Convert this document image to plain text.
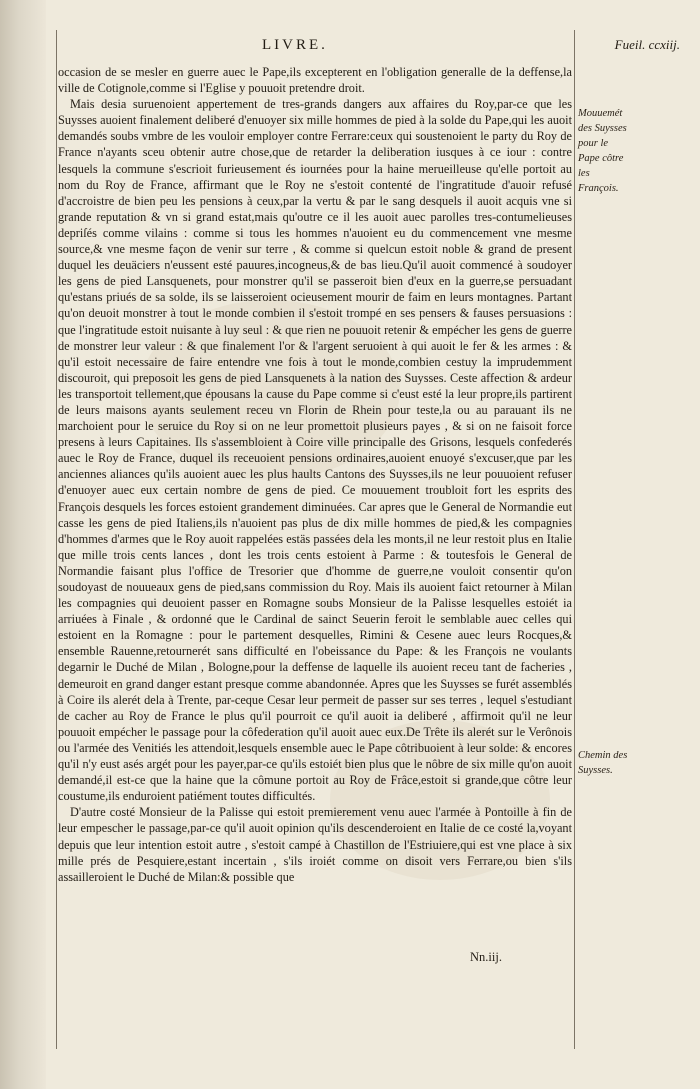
LIVRE.	Fueil. ccxiij.

occasion de se mesler en guerre auec le Pape,ils excepterent en l'obligation generalle de la deffense,la ville de Cotignole,comme si l'Eglise y pouuoit pretendre droit.

Mais desia suruenoient appertement de tres-grands dangers aux affaires du Roy,par-ce que les Suysses auoient finalement deliberé d'enuoyer six mille hommes de pied à la solde du Pape,qui les auoit demandés soubs vmbre de les vouloir employer contre Ferrare:ceux qui soustenoient le party du Roy de France n'ayants sceu obtenir autre chose,que de retarder la deliberation iusques à ce iour : contre lesquels la commune s'escrioit furieusement és iournées pour la haine merueilleuse qu'elle portoit au nom du Roy de France, affirmant que le Roy ne s'estoit contenté de l'ingratitude d'auoir refusé d'accroistre de bien peu les pensions à ceux,par la vertu & par le sang desquels il auoit acquis vne si grande reputation & vn si grand estat,mais qu'outre ce il les auoit auec parolles tres-contumelieuses depriſés comme vilains : comme si tous les hommes n'auoient eu du commencement vne mesme source,& vne mesme façon de venir sur terre , & comme si quelcun estoit noble & grand de present duquel les deuäciers n'eussent esté pauures,incogneus,& de bas lieu.Qu'il auoit commencé à soudoyer les gens de pied Lansquenets, pour monstrer qu'il se passeroit bien d'eux en la guerre,se persuadant qu'estans priués de sa solde, ils se laisseroient ocieusement mourir de faim en leurs montagnes. Partant qu'on deuoit monstrer à tout le monde combien il s'estoit trompé en ses pensers & fauses persuasions : que l'ingratitude estoit nuisante à luy seul : & que rien ne pouuoit retenir & empécher les gens de guerre de monstrer leur valeur : & que finalement l'or & l'argent seruoient à qui auoit le fer & les armes : & qu'il estoit necessaire de faire entendre vne fois à tout le monde,combien cestuy la imprudemment discouroit, qui preposoit les gens de pied Lansquenets à la nation des Suysses. Ceste affection & ardeur les transportoit tellement,que épousans la cause du Pape comme si c'eust esté la leur propre,ils partirent de leurs maisons ayants seulement receu vn Florin de Rhein pour teste,la ou au parauant ils ne marchoient pour le seruice du Roy si on ne leur promettoit plusieurs payes , & si on ne faisoit force presens à leurs Capitaines. Ils s'assembloient à Coire ville principalle des Grisons, lesquels confederés auec le Roy de France, duquel ils receuoient pensions ordinaires,auoient enuoyé s'excuser,que par les anciennes aliances qu'ils auoient auec les plus haults Cantons des Suysses,ils ne leur pouuoient refuser d'enuoyer auec eux certain nombre de gens de pied. Ce mouuement troubloit fort les esprits des François desquels les forces estoient grandement diminuées. Car apres que le General de Normandie eut casse les gens de pied Italiens,ils n'auoient pas plus de dix mille hommes de pied,& les compagnies d'hommes d'armes que le Roy auoit rappelées estäs passées dela les monts,il ne leur restoit plus en Italie que mille trois cents lances , dont les trois cents estoient à Parme : & toutesfois le General de Normandie faisant plus l'office de Tresorier que d'homme de guerre,ne vouloit consentir qu'on soudoyast de nouueaux gens de pied,sans commission du Roy. Mais ils auoient faict retourner à Milan les compagnies qui deuoient passer en Romagne soubs Monsieur de la Palisse lesquelles estoiét ia arriuées à Finale , & ordonné que le Cardinal de sainct Seuerin feroit le semblable auec celles qui estoient en la Romagne : pour le partement desquelles, Rimini & Cesene auec leurs Rocques,& ensemble Rauenne,retournerét sans difficulté en l'obeissance du Pape: & les François ne voulants degarnir le Duché de Milan , Bologne,pour la deffense de laquelle ils auoient receu tant de facheries , demeuroit en grand danger estant presque comme abandonnée. Apres que les Suysses se furét assemblés à Coire ils alerét dela à Trente, par-ceque Cesar leur permeit de passer sur ses terres , lequel s'estudiant de cacher au Roy de France le plus qu'il pourroit ce qu'il auoit ia deliberé , affirmoit qu'il ne leur pouuoit empécher le passage pour la côfederation qu'il auoit auec eux.De Trête ils alerét sur le Verônois ou l'armée des Venitiés les attendoit,lesquels ensemble auec le Pape côtribuoient à leur solde: & encores qu'il n'y eust asés argét pour les payer,par-ce qu'ils estoiét bien plus que le nôbre de six mille qu'on auoit demandé,il est-ce que la haine que la cômune portoit au Roy de Frâce,estoit si grande,que côtre leur coustume,ils enduroient patiément toutes difficultés.

D'autre costé Monsieur de la Palisse qui estoit premierement venu auec l'armée à Pontoille à fin de leur empescher le passage,par-ce qu'il auoit opinion qu'ils descenderoient en Italie de ce costé la,voyant depuis que leur intention estoit autre , s'estoit campé à Chastillon de l'Estriuiere,qui est vne place à six mille prés de Pesquiere,estant incertain , s'ils iroiét comme on disoit vers Ferrare,ou bien s'ils assailleroient le Duché de Milan:& possible que

Mouuemét des Suysses pour le Pape côtre les François.
Chemin des Suysses.
Nn.iij.
